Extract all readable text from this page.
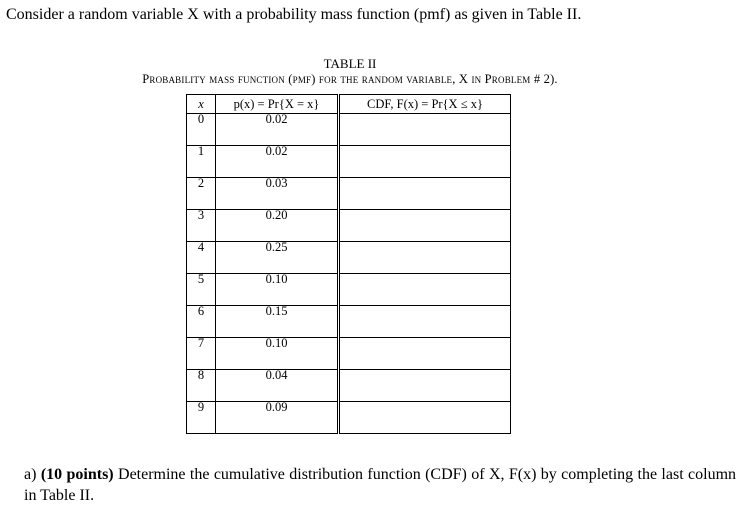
Consider a random variable X with a probability mass function (pmf) as given in Table II.
TABLE II
Probability mass function (pmf) for the random variable, X in Problem # 2).
x	p(x) = Pr{X = x}	CDF, F(x) = Pr{X ≤ x}
0	0.02	
1	0.02	
2	0.03	
3	0.20	
4	0.25	
5	0.10	
6	0.15	
7	0.10	
8	0.04	
9	0.09	
a) (10 points) Determine the cumulative distribution function (CDF) of X, F(x) by completing the last column in Table II.
